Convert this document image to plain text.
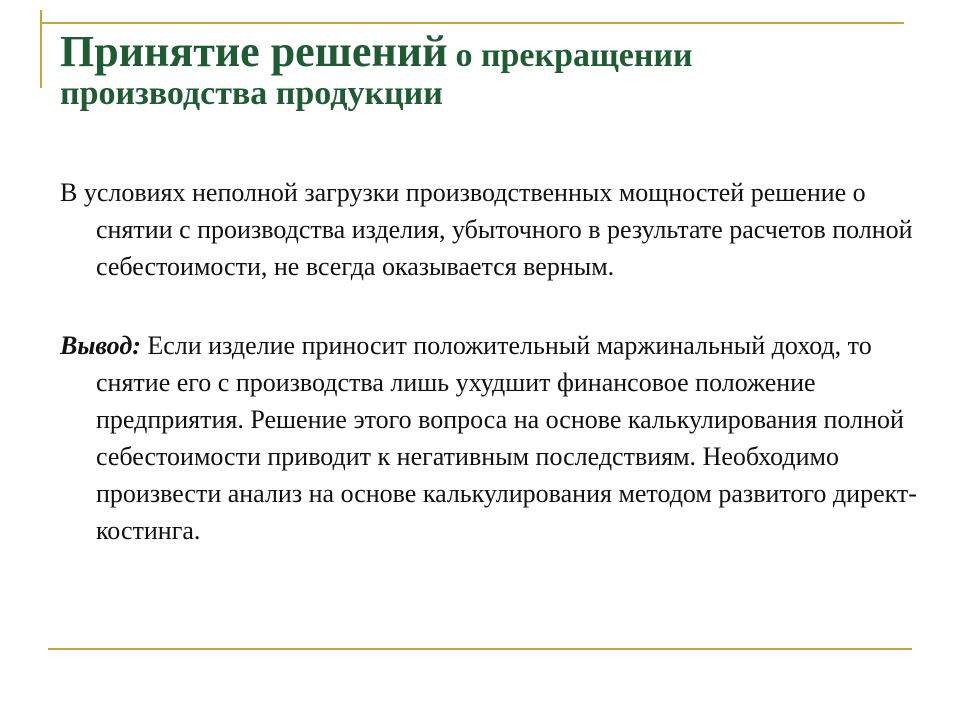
Принятие решений о прекращении
производства продукции

В условиях неполной загрузки производственных мощностей решение о снятии с производства изделия, убыточного в результате расчетов полной себестоимости, не всегда оказывается верным.

Вывод: Если изделие приносит положительный маржинальный доход, то снятие его с производства лишь ухудшит финансовое положение предприятия. Решение этого вопроса на основе калькулирования полной себестоимости приводит к негативным последствиям. Необходимо произвести анализ на основе калькулирования методом развитого директ-костинга.
